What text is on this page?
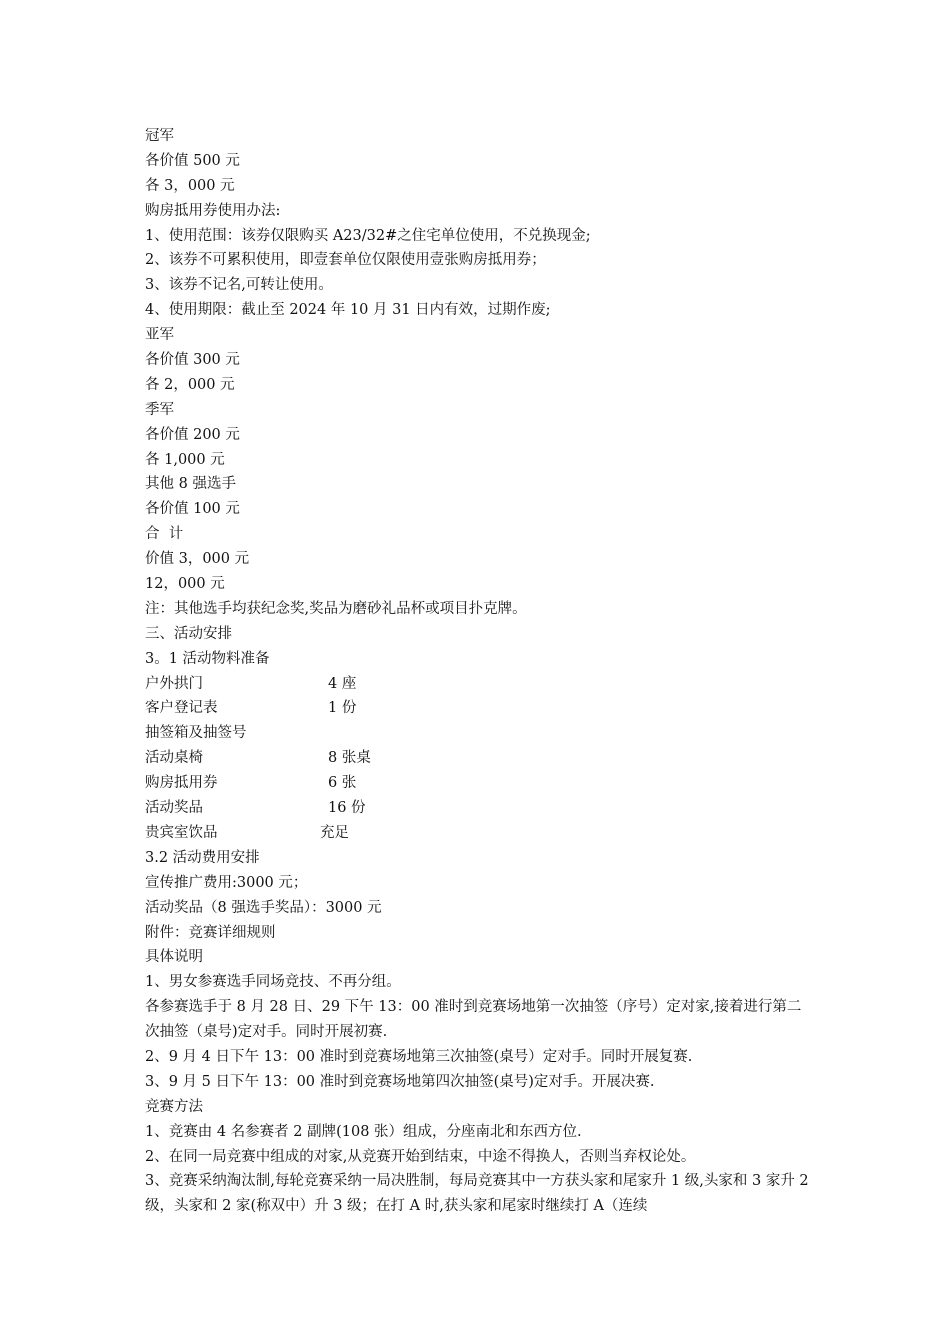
冠军
各价值 500 元
各 3，000 元
购房抵用券使用办法:
1、使用范围：该券仅限购买 A23/32#之住宅单位使用，不兑换现金;
2、该券不可累积使用，即壹套单位仅限使用壹张购房抵用券；
3、该券不记名,可转让使用。
4、使用期限：截止至 2024 年 10 月 31 日内有效，过期作废;
亚军
各价值 300 元
各 2，000 元
季军
各价值 200 元
各 1,000 元
其他 8 强选手
各价值 100 元
合  计
价值 3，000 元
12，000 元
注：其他选手均获纪念奖,奖品为磨砂礼品杯或项目扑克牌。
三、活动安排
3。1 活动物料准备
户外拱门	4 座
客户登记表	1 份
抽签箱及抽签号
活动桌椅	8 张桌
购房抵用券	6 张
活动奖品	16 份
贵宾室饮品	充足
3.2 活动费用安排
宣传推广费用:3000 元；
活动奖品（8 强选手奖品）：3000 元
附件：竞赛详细规则
具体说明
1、男女参赛选手同场竞技、不再分组。
各参赛选手于 8 月 28 日、29 下午 13：00 准时到竞赛场地第一次抽签（序号）定对家,接着进行第二次抽签（桌号)定对手。同时开展初赛.
2、9 月 4 日下午 13：00 准时到竞赛场地第三次抽签(桌号）定对手。同时开展复赛.
3、9 月 5 日下午 13：00 准时到竞赛场地第四次抽签(桌号)定对手。开展决赛.
竞赛方法
1、竞赛由 4 名参赛者 2 副牌(108 张）组成，分座南北和东西方位.
2、在同一局竞赛中组成的对家,从竞赛开始到结束，中途不得换人，否则当弃权论处。
3、竞赛采纳淘汰制,每轮竞赛采纳一局决胜制，每局竞赛其中一方获头家和尾家升 1 级,头家和 3 家升 2 级，头家和 2 家(称双中）升 3 级；在打 A 时,获头家和尾家时继续打 A（连续
